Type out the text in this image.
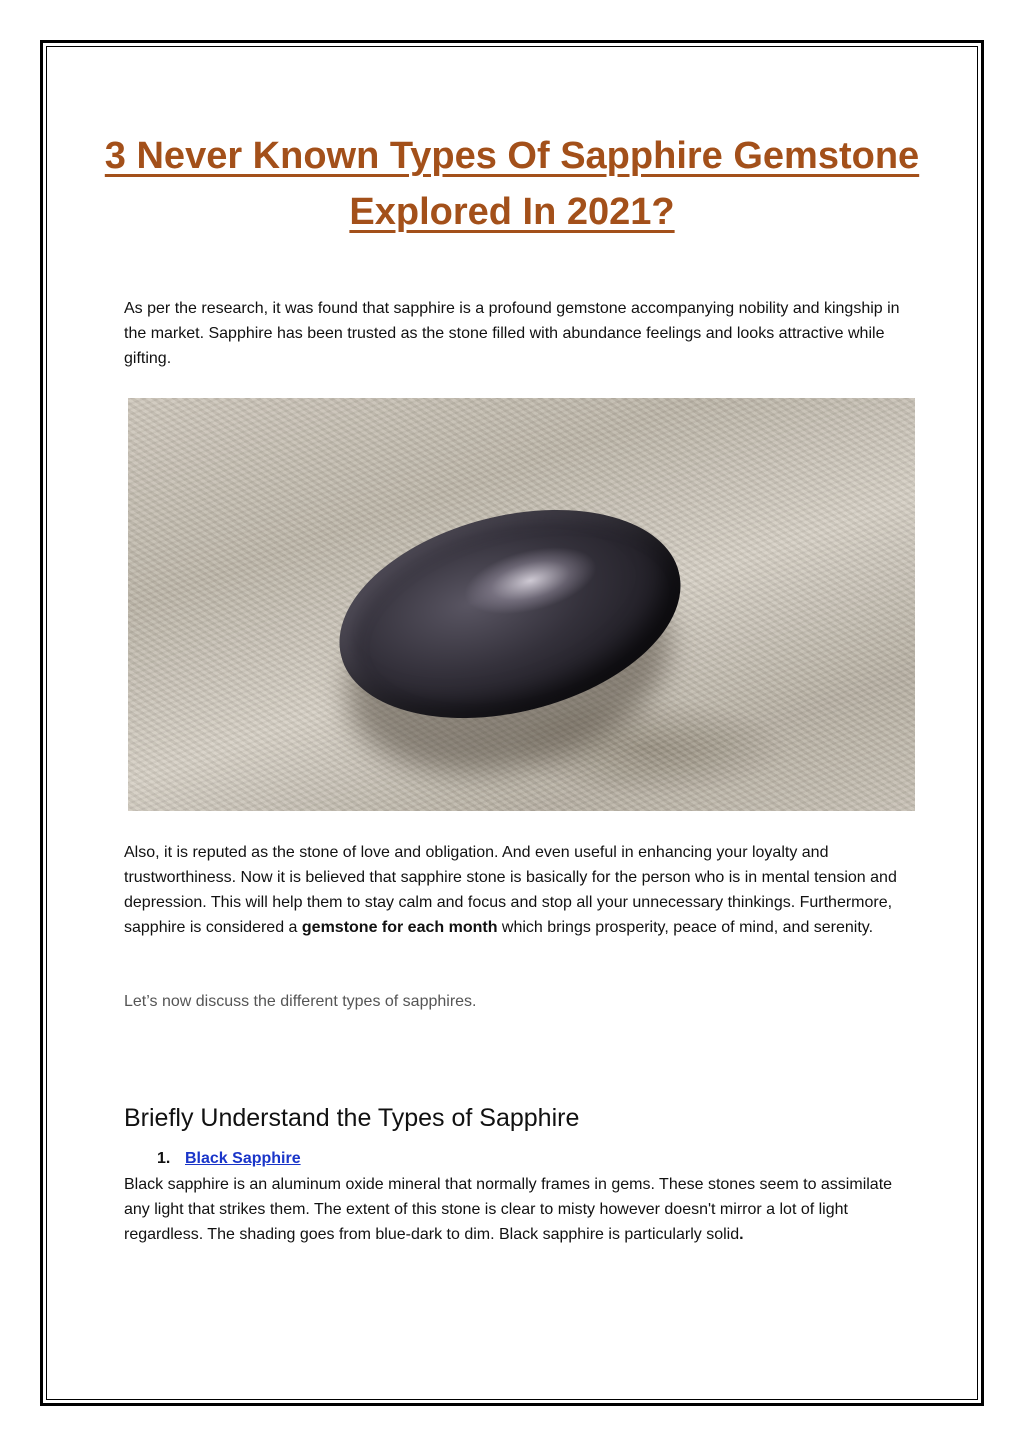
3 Never Known Types Of Sapphire Gemstone Explored In 2021?

As per the research, it was found that sapphire is a profound gemstone accompanying nobility and kingship in the market. Sapphire has been trusted as the stone filled with abundance feelings and looks attractive while gifting.

Also, it is reputed as the stone of love and obligation. And even useful in enhancing your loyalty and trustworthiness. Now it is believed that sapphire stone is basically for the person who is in mental tension and depression. This will help them to stay calm and focus and stop all your unnecessary thinkings. Furthermore, sapphire is considered a gemstone for each month which brings prosperity, peace of mind, and serenity.

Let’s now discuss the different types of sapphires.

Briefly Understand the Types of Sapphire
1. Black Sapphire

Black sapphire is an aluminum oxide mineral that normally frames in gems. These stones seem to assimilate any light that strikes them. The extent of this stone is clear to misty however doesn't mirror a lot of light regardless. The shading goes from blue-dark to dim. Black sapphire is particularly solid.
